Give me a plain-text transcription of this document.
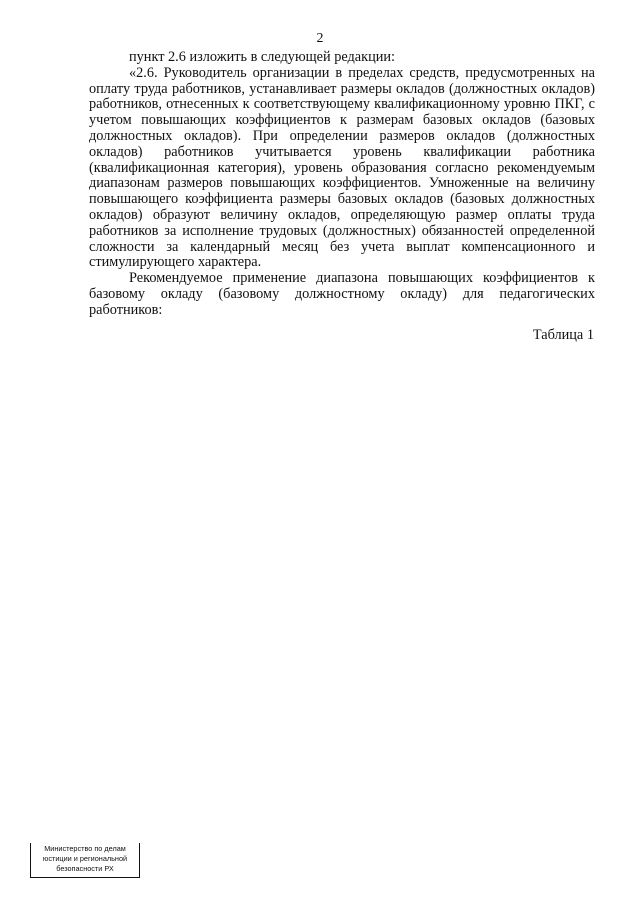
2

пункт 2.6 изложить в следующей редакции:

«2.6. Руководитель организации в пределах средств, предусмотренных на оплату труда работников, устанавливает размеры окладов (должностных окладов) работников, отнесенных к соответствующему квалификационному уровню ПКГ, с учетом повышающих коэффициентов к размерам базовых окладов (базовых должностных окладов). При определении размеров окладов (должностных окладов) работников учитывается уровень квалификации работника (квалификационная категория), уровень образования согласно рекомендуемым диапазонам размеров повышающих коэффициентов. Умноженные на величину повышающего коэффициента размеры базовых окладов (базовых должностных окладов) образуют величину окладов, определяющую размер оплаты труда работников за исполнение трудовых (должностных) обязанностей определенной сложности за календарный месяц без учета выплат компенсационного и стимулирующего характера.

Рекомендуемое применение диапазона повышающих коэффициентов к базовому окладу (базовому должностному окладу) для педагогических работников:

Таблица 1
Министерство по делам
юстиции и региональной
безопасности РХ
